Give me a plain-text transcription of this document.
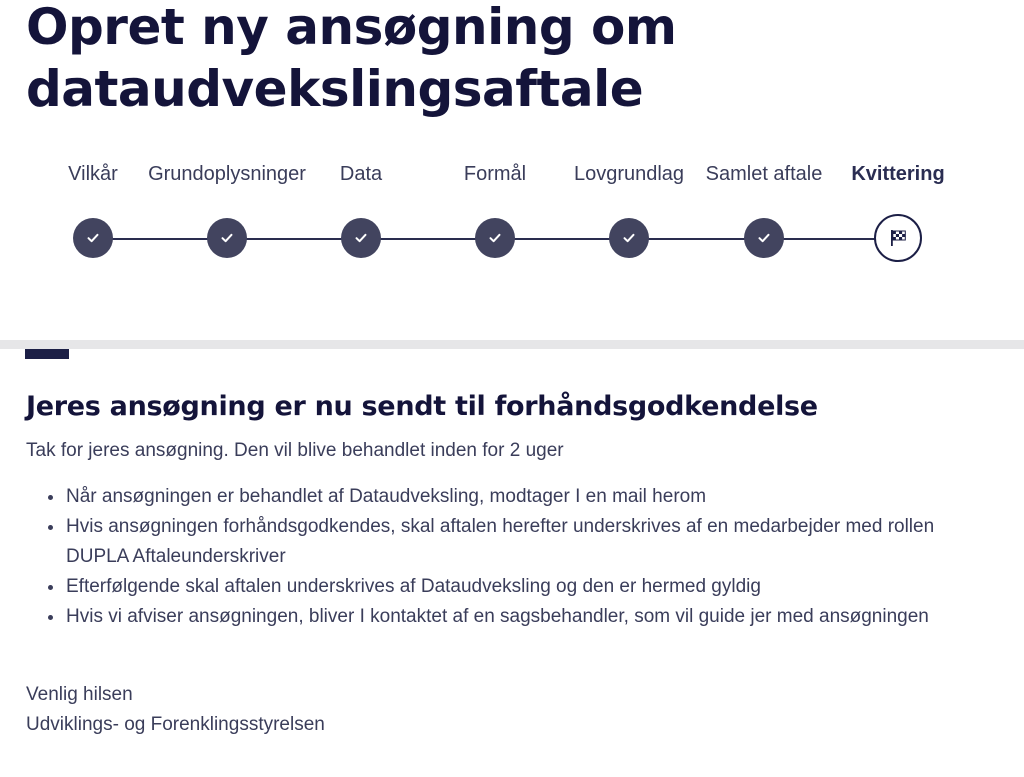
Opret ny ansøgning om dataudvekslingsaftale
Vilkår Grundoplysninger Data	Formål Lovgrundlag Samlet aftale Kvittering
Jeres ansøgning er nu sendt til forhåndsgodkendelse

Tak for jeres ansøgning. Den vil blive behandlet inden for 2 uger

Når ansøgningen er behandlet af Dataudveksling, modtager I en mail herom
Hvis ansøgningen forhåndsgodkendes, skal aftalen herefter underskrives af en medarbejder med rollen DUPLA Aftaleunderskriver
Efterfølgende skal aftalen underskrives af Dataudveksling og den er hermed gyldig
Hvis vi afviser ansøgningen, bliver I kontaktet af en sagsbehandler, som vil guide jer med ansøgningen
Venlig hilsen
Udviklings- og Forenklingsstyrelsen
